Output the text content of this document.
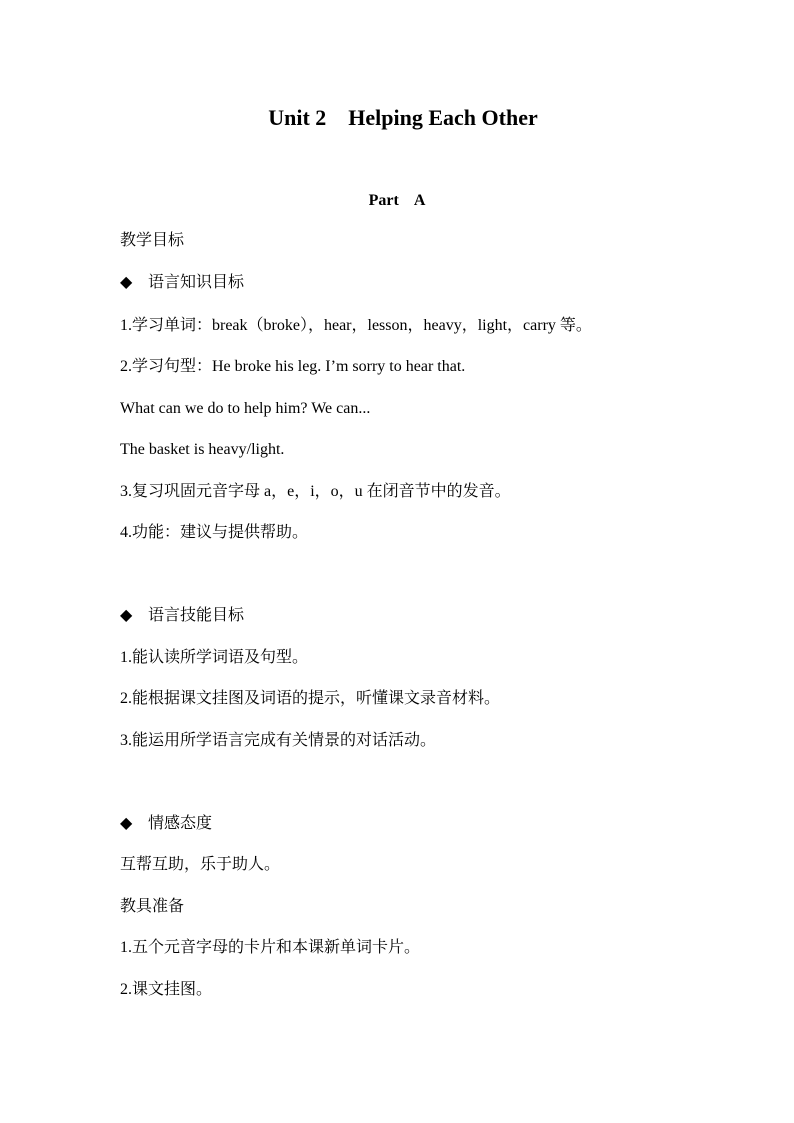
Unit 2    Helping Each Other
Part    A
教学目标
◆ 语言知识目标
1.学习单词：break（broke），hear，lesson，heavy，light，carry 等。
2.学习句型：He broke his leg. I’m sorry to hear that.
What can we do to help him? We can...
The basket is heavy/light.
3.复习巩固元音字母 a，e，i，o，u 在闭音节中的发音。
4.功能：建议与提供帮助。
◆ 语言技能目标
1.能认读所学词语及句型。
2.能根据课文挂图及词语的提示，听懂课文录音材料。
3.能运用所学语言完成有关情景的对话活动。
◆ 情感态度
互帮互助，乐于助人。
教具准备
1.五个元音字母的卡片和本课新单词卡片。
2.课文挂图。
